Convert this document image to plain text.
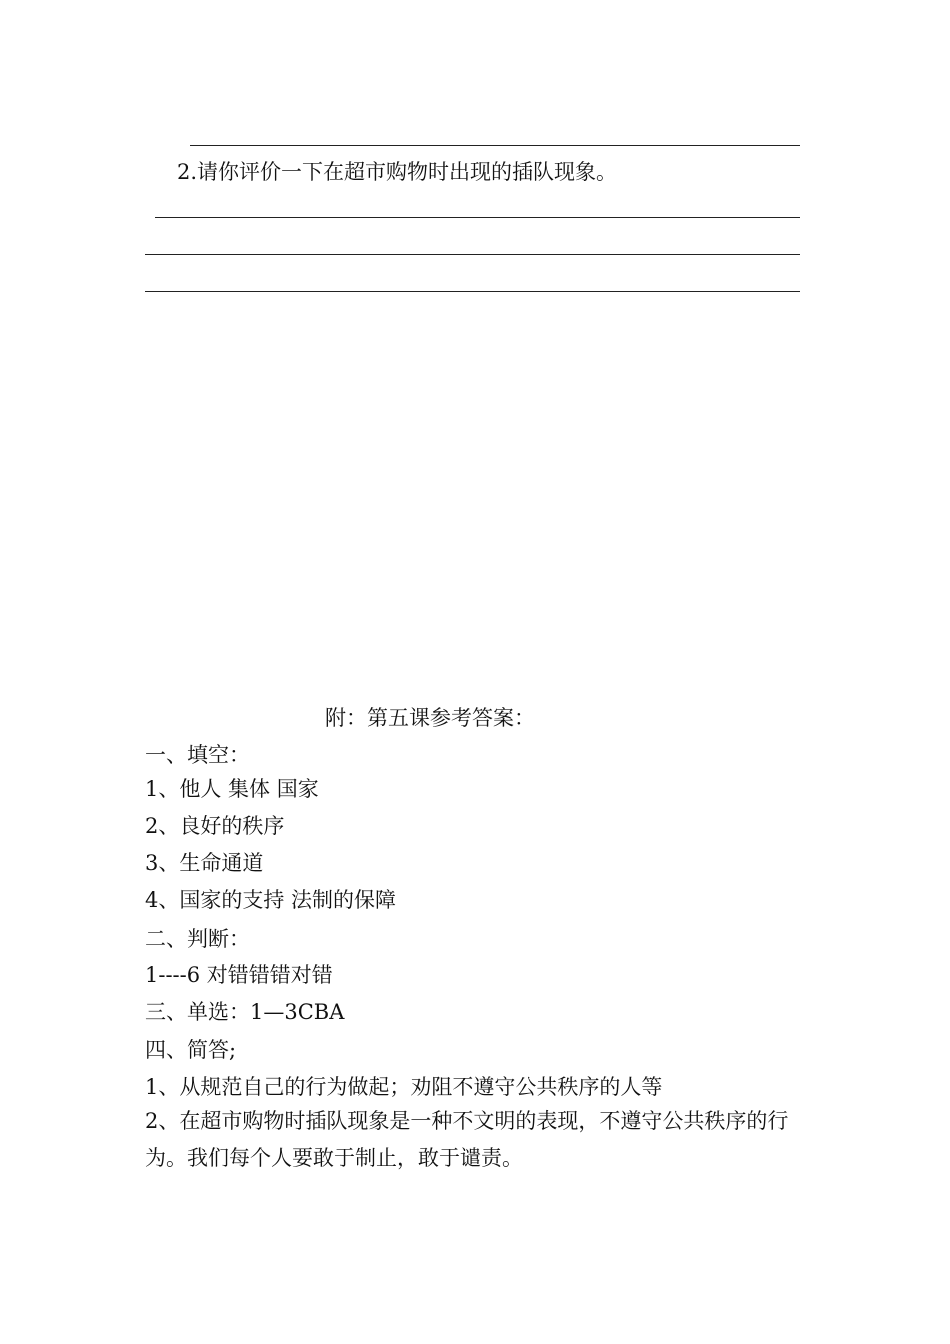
2.请你评价一下在超市购物时出现的插队现象。
附：第五课参考答案：
一、填空：
1、他人 集体 国家
2、良好的秩序
3、生命通道
4、国家的支持 法制的保障
二、判断：
1----6 对错错错对错
三、单选：1—3CBA
四、简答;
1、从规范自己的行为做起；劝阻不遵守公共秩序的人等
2、在超市购物时插队现象是一种不文明的表现，不遵守公共秩序的行为。我们每个人要敢于制止，敢于谴责。
